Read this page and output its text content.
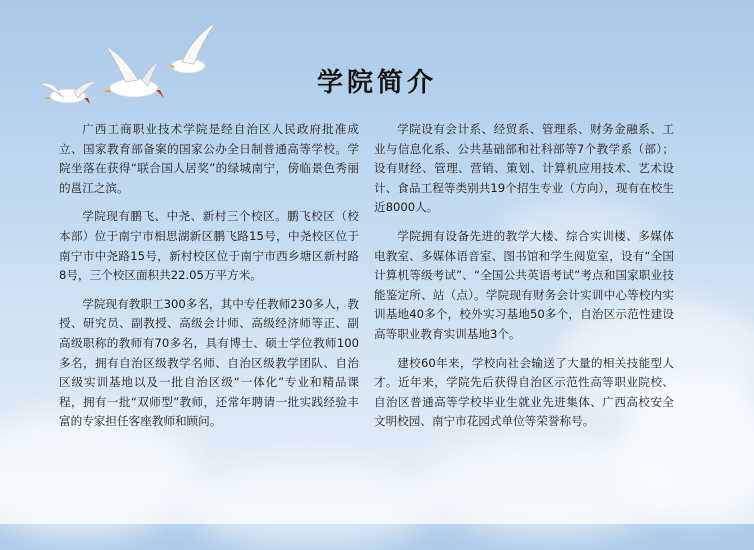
学院简介

广西工商职业技术学院是经自治区人民政府批准成立、国家教育部备案的国家公办全日制普通高等学校。学院坐落在获得“联合国人居奖”的绿城南宁，傍临景色秀丽的邕江之滨。

学院现有鹏飞、中尧、新村三个校区。鹏飞校区（校本部）位于南宁市相思湖新区鹏飞路15号，中尧校区位于南宁市中尧路15号，新村校区位于南宁市西乡塘区新村路8号，三个校区面积共22.05万平方米。

学院现有教职工300多名，其中专任教师230多人，教授、研究员、副教授、高级会计师、高级经济师等正、副高级职称的教师有70多名，具有博士、硕士学位教师100多名，拥有自治区级教学名师、自治区级教学团队、自治区级实训基地以及一批自治区级“一体化”专业和精品课程，拥有一批“双师型”教师，还常年聘请一批实践经验丰富的专家担任客座教师和顾问。

学院设有会计系、经贸系、管理系、财务金融系、工业与信息化系、公共基础部和社科部等7个教学系（部）；设有财经、管理、营销、策划、计算机应用技术、艺术设计、食品工程等类别共19个招生专业（方向），现有在校生近8000人。

学院拥有设备先进的教学大楼、综合实训楼、多媒体电教室、多媒体语音室、图书馆和学生阅览室，设有“全国计算机等级考试”、“全国公共英语考试”考点和国家职业技能鉴定所、站（点）。学院现有财务会计实训中心等校内实训基地40多个，校外实习基地50多个，自治区示范性建设高等职业教育实训基地3个。

建校60年来，学校向社会输送了大量的相关技能型人才。近年来，学院先后获得自治区示范性高等职业院校、自治区普通高等学校毕业生就业先进集体、广西高校安全文明校园、南宁市花园式单位等荣誉称号。
